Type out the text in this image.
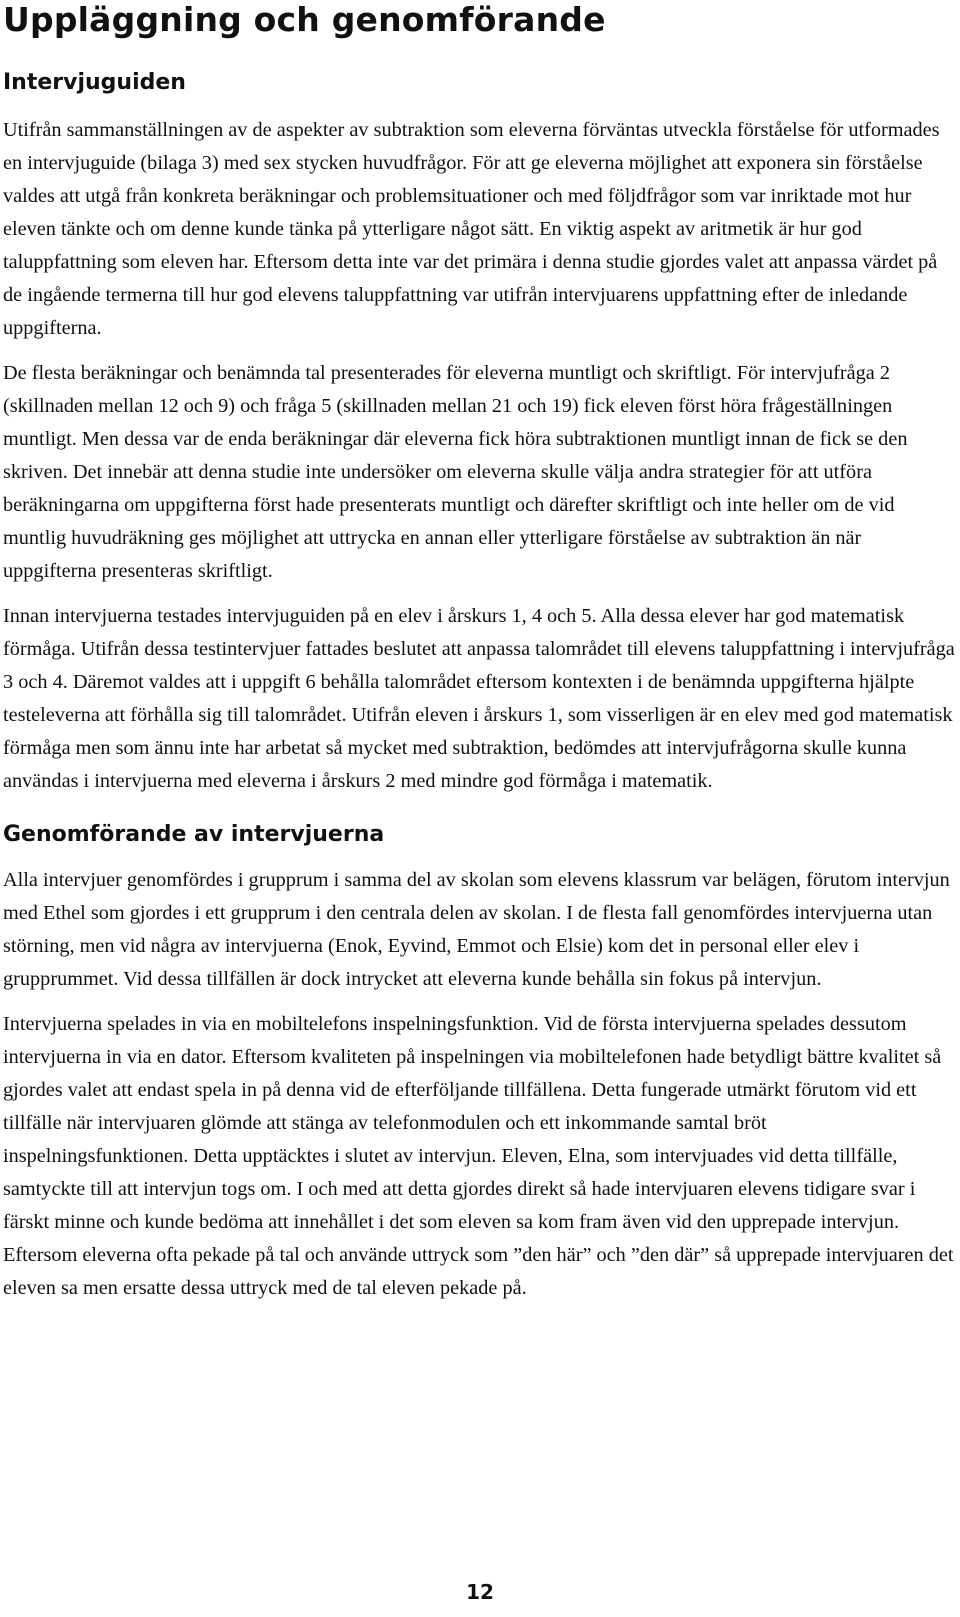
Uppläggning och genomförande
Intervjuguiden

Utifrån sammanställningen av de aspekter av subtraktion som eleverna förväntas utveckla förståelse för utformades en intervjuguide (bilaga 3) med sex stycken huvudfrågor. För att ge eleverna möjlighet att exponera sin förståelse valdes att utgå från konkreta beräkningar och problemsituationer och med följdfrågor som var inriktade mot hur eleven tänkte och om denne kunde tänka på ytterligare något sätt. En viktig aspekt av aritmetik är hur god taluppfattning som eleven har. Eftersom detta inte var det primära i denna studie gjordes valet att anpassa värdet på de ingående termerna till hur god elevens taluppfattning var utifrån intervjuarens uppfattning efter de inledande uppgifterna.

De flesta beräkningar och benämnda tal presenterades för eleverna muntligt och skriftligt. För intervjufråga 2 (skillnaden mellan 12 och 9) och fråga 5 (skillnaden mellan 21 och 19) fick eleven först höra frågeställningen muntligt. Men dessa var de enda beräkningar där eleverna fick höra subtraktionen muntligt innan de fick se den skriven. Det innebär att denna studie inte undersöker om eleverna skulle välja andra strategier för att utföra beräkningarna om uppgifterna först hade presenterats muntligt och därefter skriftligt och inte heller om de vid muntlig huvudräkning ges möjlighet att uttrycka en annan eller ytterligare förståelse av subtraktion än när uppgifterna presenteras skriftligt.

Innan intervjuerna testades intervjuguiden på en elev i årskurs 1, 4 och 5. Alla dessa elever har god matematisk förmåga. Utifrån dessa testintervjuer fattades beslutet att anpassa talområdet till elevens taluppfattning i intervjufråga 3 och 4. Däremot valdes att i uppgift 6 behålla talområdet eftersom kontexten i de benämnda uppgifterna hjälpte testeleverna att förhålla sig till talområdet. Utifrån eleven i årskurs 1, som visserligen är en elev med god matematisk förmåga men som ännu inte har arbetat så mycket med subtraktion, bedömdes att intervjufrågorna skulle kunna användas i intervjuerna med eleverna i årskurs 2 med mindre god förmåga i matematik.

Genomförande av intervjuerna

Alla intervjuer genomfördes i grupprum i samma del av skolan som elevens klassrum var belägen, förutom intervjun med Ethel som gjordes i ett grupprum i den centrala delen av skolan. I de flesta fall genomfördes intervjuerna utan störning, men vid några av intervjuerna (Enok, Eyvind, Emmot och Elsie) kom det in personal eller elev i grupprummet. Vid dessa tillfällen är dock intrycket att eleverna kunde behålla sin fokus på intervjun.

Intervjuerna spelades in via en mobiltelefons inspelningsfunktion. Vid de första intervjuerna spelades dessutom intervjuerna in via en dator. Eftersom kvaliteten på inspelningen via mobiltelefonen hade betydligt bättre kvalitet så gjordes valet att endast spela in på denna vid de efterföljande tillfällena. Detta fungerade utmärkt förutom vid ett tillfälle när intervjuaren glömde att stänga av telefonmodulen och ett inkommande samtal bröt inspelningsfunktionen. Detta upptäcktes i slutet av intervjun. Eleven, Elna, som intervjuades vid detta tillfälle, samtyckte till att intervjun togs om. I och med att detta gjordes direkt så hade intervjuaren elevens tidigare svar i färskt minne och kunde bedöma att innehållet i det som eleven sa kom fram även vid den upprepade intervjun. Eftersom eleverna ofta pekade på tal och använde uttryck som ”den här” och ”den där” så upprepade intervjuaren det eleven sa men ersatte dessa uttryck med de tal eleven pekade på.

12
